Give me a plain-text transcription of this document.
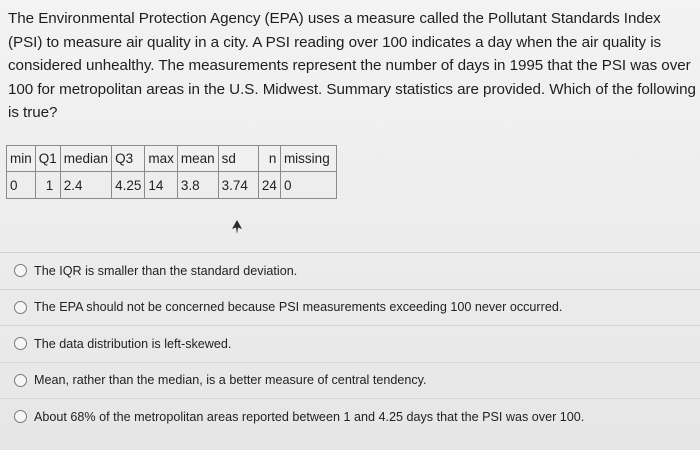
The Environmental Protection Agency (EPA) uses a measure called the Pollutant Standards Index (PSI) to measure air quality in a city. A PSI reading over 100 indicates a day when the air quality is considered unhealthy. The measurements represent the number of days in 1995 that the PSI was over 100 for metropolitan areas in the U.S. Midwest. Summary statistics are provided. Which of the following is true?
min	Q1	median	Q3	max	mean	sd	n	missing
0	1	2.4	4.25	14	3.8	3.74	24	0
The IQR is smaller than the standard deviation.
The EPA should not be concerned because PSI measurements exceeding 100 never occurred.
The data distribution is left-skewed.
Mean, rather than the median, is a better measure of central tendency.
About 68% of the metropolitan areas reported between 1 and 4.25 days that the PSI was over 100.
